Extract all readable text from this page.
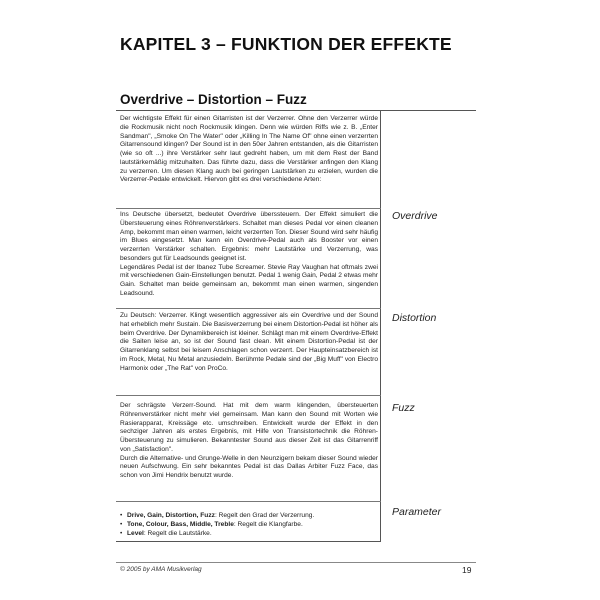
KAPITEL 3 – FUNKTION DER EFFEKTE
Overdrive – Distortion – Fuzz

Der wichtigste Effekt für einen Gitarristen ist der Verzerrer. Ohne den Verzerrer würde die Rockmusik nicht noch Rockmusik klingen. Denn wie würden Riffs wie z. B. „Enter Sandman", „Smoke On The Water" oder „Killing In The Name Of" ohne einen verzerrten Gitarrensound klingen? Der Sound ist in den 50er Jahren entstanden, als die Gitarristen (wie so oft ...) ihre Verstärker sehr laut gedreht haben, um mit dem Rest der Band lautstärkemäßig mitzuhalten. Das führte dazu, dass die Verstärker anfingen den Klang zu verzerren. Um diesen Klang auch bei geringen Lautstärken zu erzielen, wurden die Verzerrer-Pedale entwickelt. Hiervon gibt es drei verschiedene Arten:

Ins Deutsche übersetzt, bedeutet Overdrive überssteuern. Der Effekt simuliert die Übersteuerung eines Röhrenverstärkers. Schaltet man dieses Pedal vor einen cleanen Amp, bekommt man einen warmen, leicht verzerrten Ton. Dieser Sound wird sehr häufig im Blues eingesetzt. Man kann ein Overdrive-Pedal auch als Booster vor einen verzerrten Verstärker schalten. Ergebnis: mehr Lautstärke und Verzerrung, was besonders gut für Leadsounds geeignet ist.

Legendäres Pedal ist der Ibanez Tube Screamer. Stevie Ray Vaughan hat oftmals zwei mit verschiedenen Gain-Einstellungen benutzt. Pedal 1 wenig Gain, Pedal 2 etwas mehr Gain. Schaltet man beide gemeinsam an, bekommt man einen warmen, singenden Leadsound.

Overdrive

Zu Deutsch: Verzerrer. Klingt wesentlich aggressiver als ein Overdrive und der Sound hat erheblich mehr Sustain. Die Basisverzerrung bei einem Distortion-Pedal ist höher als beim Overdrive. Der Dynamikbereich ist kleiner. Schlägt man mit einem Overdrive-Effekt die Saiten leise an, so ist der Sound fast clean. Mit einem Distortion-Pedal ist der Gitarrenklang selbst bei leisem Anschlagen schon verzerrt. Der Haupteinsatzbereich ist im Rock, Metal, Nu Metal anzusiedeln. Berühmte Pedale sind der „Big Muff" von Electro Harmonix oder „The Rat" von ProCo.

Distortion

Der schrägste Verzerr-Sound. Hat mit dem warm klingenden, übersteuerten Röhrenverstärker nicht mehr viel gemeinsam. Man kann den Sound mit Worten wie Rasierapparat, Kreissäge etc. umschreiben. Entwickelt wurde der Effekt in den sechziger Jahren als erstes Ergebnis, mit Hilfe von Transistortechnik die Röhren-Übersteuerung zu simulieren. Bekanntester Sound aus dieser Zeit ist das Gitarrenriff von „Satisfaction".

Durch die Alternative- und Grunge-Welle in den Neunzigern bekam dieser Sound wieder neuen Aufschwung. Ein sehr bekanntes Pedal ist das Dallas Arbiter Fuzz Face, das schon von Jimi Hendrix benutzt wurde.

Fuzz
• Drive, Gain, Distortion, Fuzz: Regelt den Grad der Verzerrung.
• Tone, Colour, Bass, Middle, Treble: Regelt die Klangfarbe.
• Level: Regelt die Lautstärke.
Parameter
© 2005 by AMA Musikverlag	19
